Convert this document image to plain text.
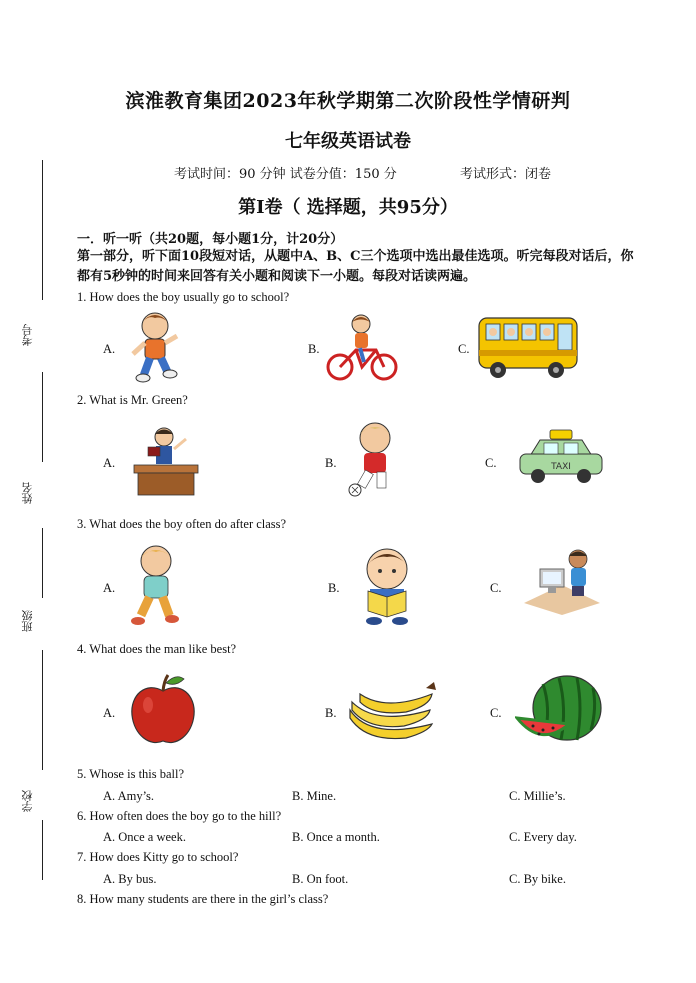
滨淮教育集团2023年秋学期第二次阶段性学情研判
七年级英语试卷
考试时间：90 分钟 试卷分值：150 分	考试形式：闭卷
第Ⅰ卷（ 选择题，共95分）
一．听一听（共20题，每小题1分，计20分）
第一部分，听下面10段短对话，从题中A、B、C三个选项中选出最佳选项。听完每段对话后，你都有5秒钟的时间来回答有关小题和阅读下一小题。每段对话读两遍。
考号
姓名
班级
学校
1. How does the boy usually go to school?
A.	B.	C.
2. What is Mr. Green?
A.	B.	C.	TAXI
3. What does the boy often do after class?
A.	B.	C.
4. What does the man like best?
A.	B.	C.
5. Whose is this ball?
A. Amy’s.	B. Mine.	C. Millie’s.
6. How often does the boy go to the hill?
A. Once a week.	B. Once a month.	C. Every day.
7. How does Kitty go to school?
A. By bus.	B. On foot.	C. By bike.
8. How many students are there in the girl’s class?
